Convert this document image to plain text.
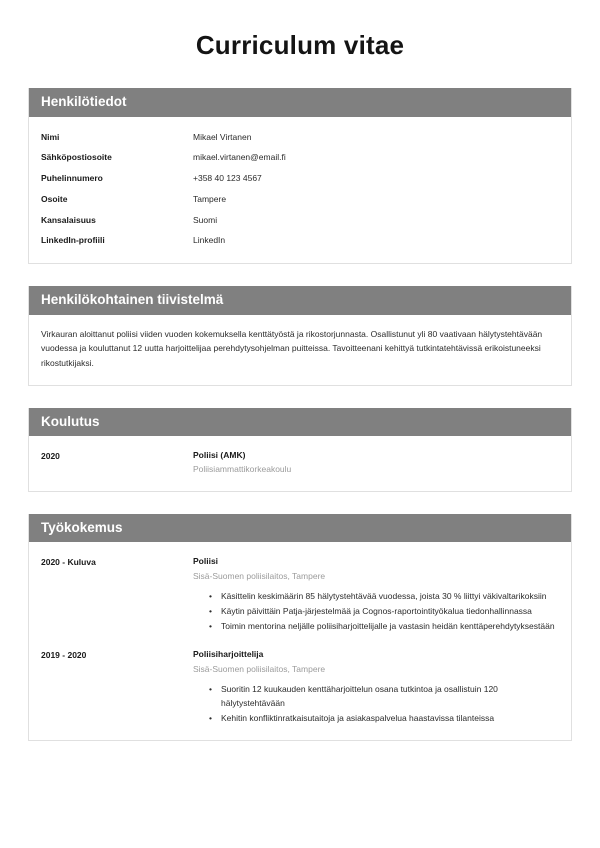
Curriculum vitae
Henkilötiedot
Nimi	Mikael Virtanen
Sähköpostiosoite	mikael.virtanen@email.fi
Puhelinnumero	+358 40 123 4567
Osoite	Tampere
Kansalaisuus	Suomi
LinkedIn-profiili	LinkedIn
Henkilökohtainen tiivistelmä

Virkauran aloittanut poliisi viiden vuoden kokemuksella kenttätyöstä ja rikostorjunnasta. Osallistunut yli 80 vaativaan hälytystehtävään vuodessa ja kouluttanut 12 uutta harjoittelijaa perehdytysohjelman puitteissa. Tavoitteenani kehittyä tutkintatehtävissä erikoistuneeksi rikostutkijaksi.

Koulutus
2020	Poliisi (AMK)
Poliisiammattikorkeakoulu
Työkokemus
2020 - Kuluva	Poliisi
Sisä-Suomen poliisilaitos, Tampere
• Käsittelin keskimäärin 85 hälytystehtävää vuodessa, joista 30 % liittyi väkivaltarikoksiin
• Käytin päivittäin Patja-järjestelmää ja Cognos-raportointityökalua tiedonhallinnassa
• Toimin mentorina neljälle poliisiharjoittelijalle ja vastasin heidän kenttäperehdytyksestään
2019 - 2020	Poliisiharjoittelija
Sisä-Suomen poliisilaitos, Tampere
• Suoritin 12 kuukauden kenttäharjoittelun osana tutkintoa ja osallistuin 120 hälytystehtävään
• Kehitin konfliktinratkaisutaitoja ja asiakaspalvelua haastavissa tilanteissa
